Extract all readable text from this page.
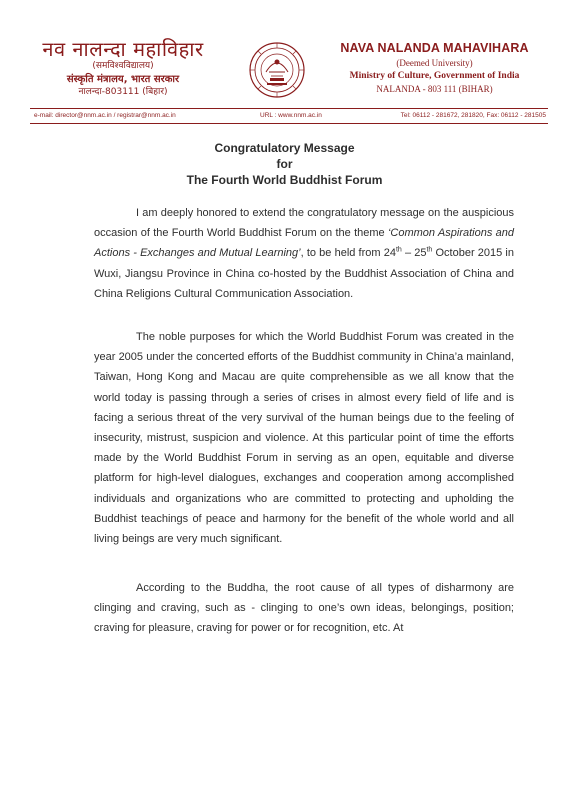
नव नालन्दा महाविहार
(समविश्वविद्यालय)
संस्कृति मंत्रालय, भारत सरकार
नालन्दा-803111 (बिहार)
NAVA NALANDA MAHAVIHARA
(Deemed University)
Ministry of Culture, Government of India
NALANDA - 803 111 (BIHAR)
e-mail: director@nnm.ac.in / registrar@nnm.ac.in	URL : www.nnm.ac.in	Tel: 06112 - 281672, 281820, Fax: 06112 - 281505
Congratulatory Message
for
The Fourth World Buddhist Forum
I am deeply honored to extend the congratulatory message on the auspicious occasion of the Fourth World Buddhist Forum on the theme ‘Common Aspirations and Actions - Exchanges and Mutual Learning’, to be held from 24th – 25th October 2015 in Wuxi, Jiangsu Province in China co-hosted by the Buddhist Association of China and China Religions Cultural Communication Association.
The noble purposes for which the World Buddhist Forum was created in the year 2005 under the concerted efforts of the Buddhist community in China’a mainland, Taiwan, Hong Kong and Macau are quite comprehensible as we all know that the world today is passing through a series of crises in almost every field of life and is facing a serious threat of the very survival of the human beings due to the feeling of insecurity, mistrust, suspicion and violence. At this particular point of time the efforts made by the World Buddhist Forum in serving as an open, equitable and diverse platform for high-level dialogues, exchanges and cooperation among accomplished individuals and organizations who are committed to protecting and upholding the Buddhist teachings of peace and harmony for the benefit of the whole world and all living beings are very much significant.
According to the Buddha, the root cause of all types of disharmony are clinging and craving, such as - clinging to one’s own ideas, belongings, position; craving for pleasure, craving for power or for recognition, etc. At
